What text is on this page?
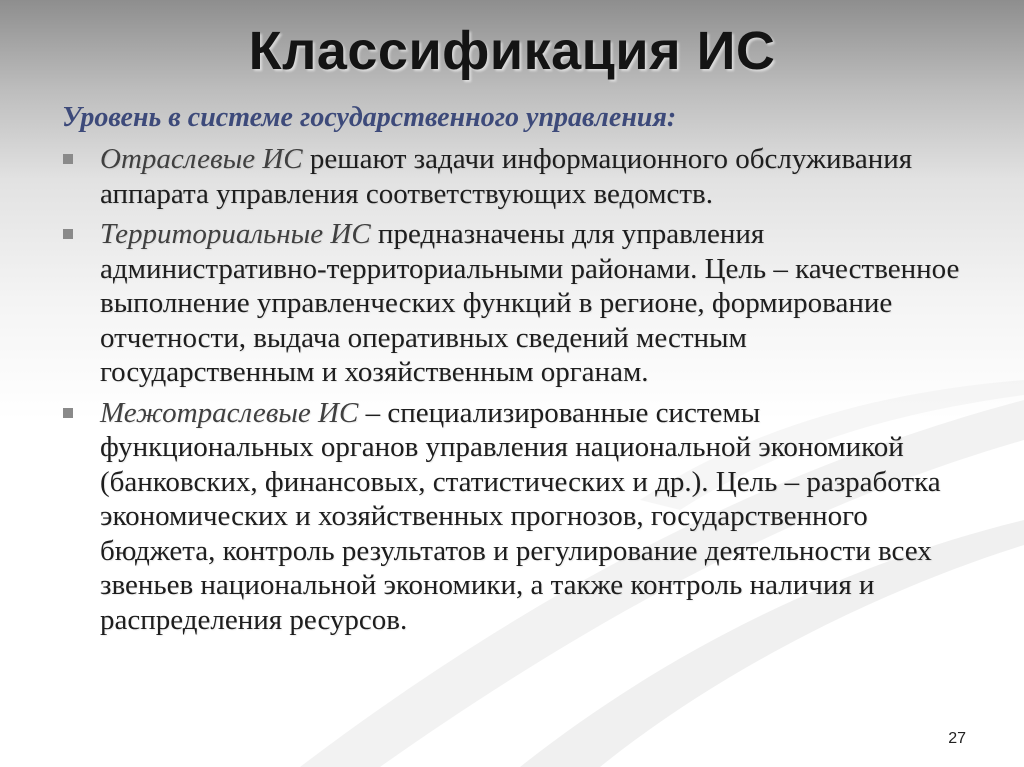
Классификация ИС
Уровень в системе государственного управления:
Отраслевые ИС решают задачи информационного обслуживания аппарата управления соответствующих ведомств.
Территориальные ИС предназначены для управления административно-территориальными районами. Цель – качественное выполнение управленческих функций в регионе, формирование отчетности, выдача оперативных сведений местным государственным и хозяйственным органам.
Межотраслевые ИС – специализированные системы функциональных органов управления национальной экономикой (банковских, финансовых, статистических и др.). Цель – разработка экономических и хозяйственных прогнозов, государственного бюджета, контроль результатов и регулирование деятельности всех звеньев национальной экономики, а также контроль наличия и распределения ресурсов.
27
